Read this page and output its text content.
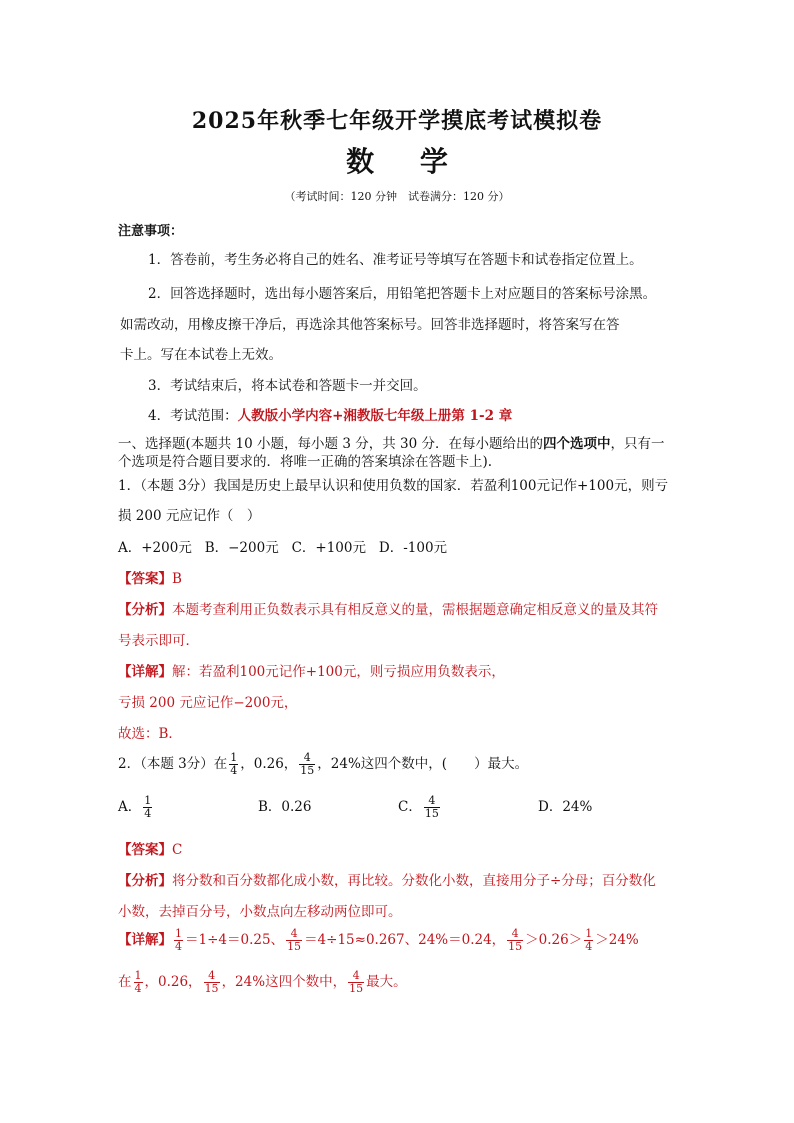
2025年秋季七年级开学摸底考试模拟卷
数 学
（考试时间：120 分钟　试卷满分：120 分）
注意事项：
1．答卷前，考生务必将自己的姓名、准考证号等填写在答题卡和试卷指定位置上。
2．回答选择题时，选出每小题答案后，用铅笔把答题卡上对应题目的答案标号涂黑。
如需改动，用橡皮擦干净后，再选涂其他答案标号。回答非选择题时，将答案写在答
卡上。写在本试卷上无效。
3．考试结束后，将本试卷和答题卡一并交回。
4．考试范围：人教版小学内容+湘教版七年级上册第 1-2 章
一、选择题(本题共 10 小题，每小题 3 分，共 30 分．在每小题给出的四个选项中，只有一
个选项是符合题目要求的．将唯一正确的答案填涂在答题卡上).
1．（本题 3分）我国是历史上最早认识和使用负数的国家．若盈利100元记作+100元，则亏
损 200 元应记作（　）
A．+200元 B．−200元 C．+100元 D．-100元
【答案】B
【分析】本题考查利用正负数表示具有相反意义的量，需根据题意确定相反意义的量及其符
号表示即可．
【详解】解：若盈利100元记作+100元，则亏损应用负数表示，
亏损 200 元应记作−200元，
故选：B．
2．（本题 3分）在 $\frac{1}{4}$ ，0.26， $\frac{4}{15}$ ，24%这四个数中，(　　）最大。
A． $\frac{1}{4}$	B．0.26	C． $\frac{4}{15}$	D．24%
【答案】C
【分析】将分数和百分数都化成小数，再比较。分数化小数，直接用分子÷分母；百分数化
小数，去掉百分号，小数点向左移动两位即可。
【详解】 $\frac{1}{4} =1\div 4=0.25$、 $\frac{4}{15} =4\div 15\approx 0.267$、24%＝0.24， $\frac{4}{15} >0.26> \frac{1}{4} >24\%$
在 $\frac{1}{4}$ ，0.26， $\frac{4}{15}$ ，24%这四个数中， $\frac{4}{15}$ 最大。
